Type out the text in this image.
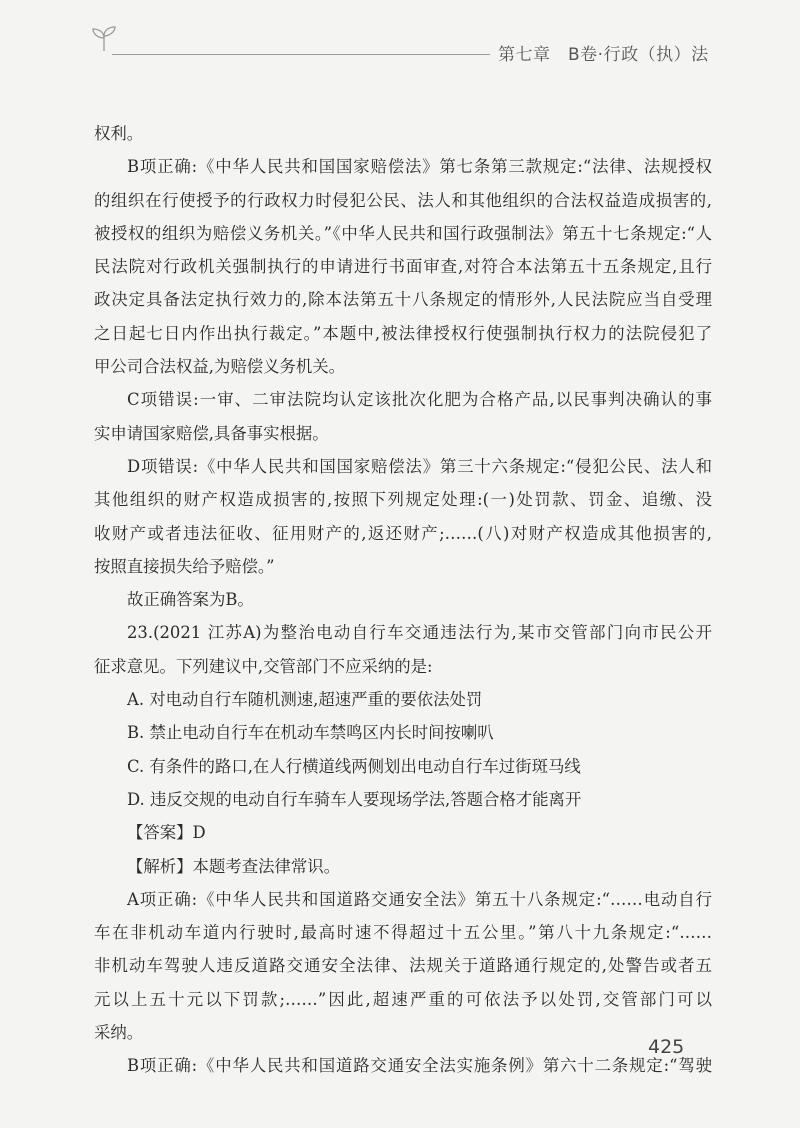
第七章　B卷·行政（执）法
权利。
B项正确:《中华人民共和国国家赔偿法》第七条第三款规定:“法律、法规授权
的组织在行使授予的行政权力时侵犯公民、法人和其他组织的合法权益造成损害的,
被授权的组织为赔偿义务机关。”《中华人民共和国行政强制法》第五十七条规定:“人
民法院对行政机关强制执行的申请进行书面审查,对符合本法第五十五条规定,且行
政决定具备法定执行效力的,除本法第五十八条规定的情形外,人民法院应当自受理
之日起七日内作出执行裁定。”本题中,被法律授权行使强制执行权力的法院侵犯了
甲公司合法权益,为赔偿义务机关。
C项错误:一审、二审法院均认定该批次化肥为合格产品,以民事判决确认的事
实申请国家赔偿,具备事实根据。
D项错误:《中华人民共和国国家赔偿法》第三十六条规定:“侵犯公民、法人和
其他组织的财产权造成损害的,按照下列规定处理:(一)处罚款、罚金、追缴、没
收财产或者违法征收、征用财产的,返还财产;……(八)对财产权造成其他损害的,
按照直接损失给予赔偿。”
故正确答案为B。
23.(2021 江苏A)为整治电动自行车交通违法行为,某市交管部门向市民公开
征求意见。下列建议中,交管部门不应采纳的是:
A. 对电动自行车随机测速,超速严重的要依法处罚
B. 禁止电动自行车在机动车禁鸣区内长时间按喇叭
C. 有条件的路口,在人行横道线两侧划出电动自行车过街斑马线
D. 违反交规的电动自行车骑车人要现场学法,答题合格才能离开
【答案】D
【解析】本题考查法律常识。
A项正确:《中华人民共和国道路交通安全法》第五十八条规定:“……电动自行
车在非机动车道内行驶时,最高时速不得超过十五公里。”第八十九条规定:“……
非机动车驾驶人违反道路交通安全法律、法规关于道路通行规定的,处警告或者五
元以上五十元以下罚款;……”因此,超速严重的可依法予以处罚,交管部门可以
采纳。
B项正确:《中华人民共和国道路交通安全法实施条例》第六十二条规定:“驾驶
425
